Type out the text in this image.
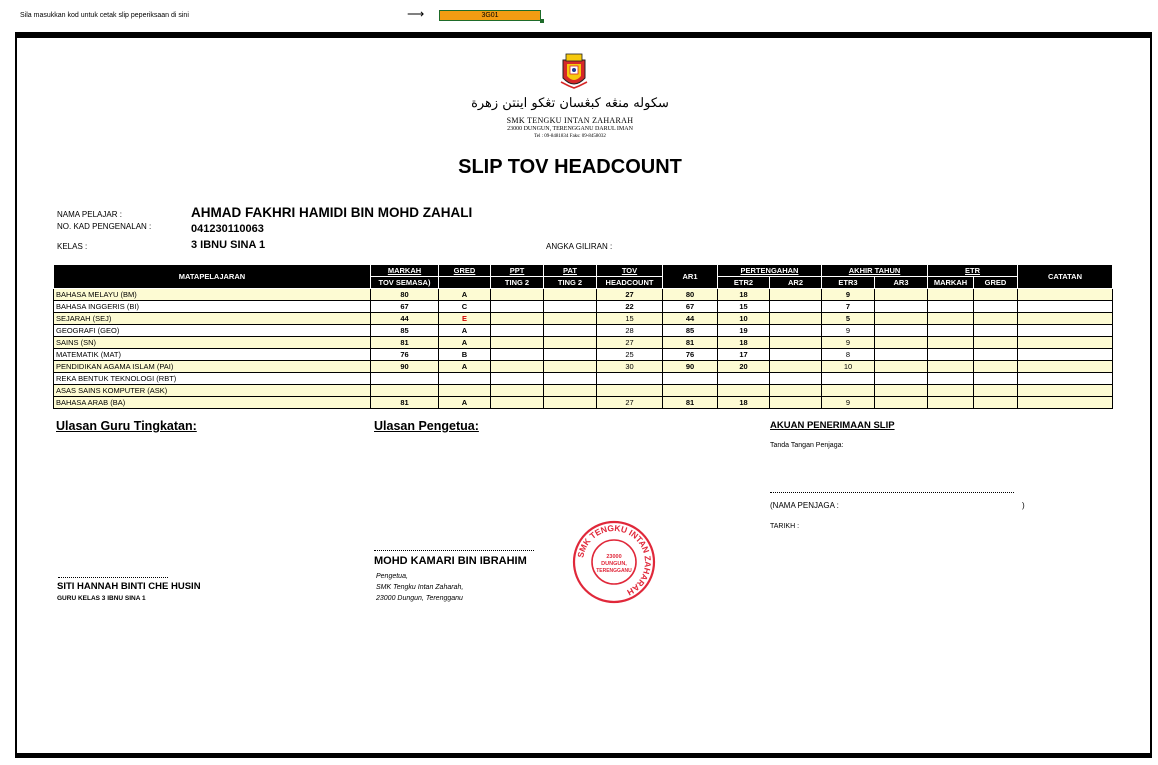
Sila masukkan kod untuk cetak slip peperiksaan di sini	⟶	3G01
سکوله منڠه کبڠسان تڠکو اينتن زهرة
SMK TENGKU INTAN ZAHARAH
23000 DUNGUN, TERENGGANU DARUL IMAN
Tel : 09-8481834 Faks: 09-8458032
SLIP TOV HEADCOUNT
NAMA PELAJAR :	AHMAD FAKHRI HAMIDI BIN MOHD ZAHALI
NO. KAD PENGENALAN :	041230110063
KELAS :	3 IBNU SINA 1	ANGKA GILIRAN :
MATAPELAJARAN	MARKAH	GRED	PPT	PAT	TOV	AR1	PERTENGAHAN		AKHIR TAHUN		ETR		CATATAN
	TOV SEMASA)		TING 2	TING 2	HEADCOUNT		ETR2	AR2	ETR3	AR3	MARKAH	GRED	
BAHASA MELAYU (BM)	80	A			27	80	18		9				
BAHASA INGGERIS (BI)	67	C			22	67	15		7				
SEJARAH (SEJ)	44	E			15	44	10		5				
GEOGRAFI (GEO)	85	A			28	85	19		9				
SAINS (SN)	81	A			27	81	18		9				
MATEMATIK (MAT)	76	B			25	76	17		8				
PENDIDIKAN AGAMA ISLAM (PAI)	90	A			30	90	20		10				
REKA BENTUK TEKNOLOGI (RBT)													
ASAS SAINS KOMPUTER (ASK)													
BAHASA ARAB (BA)	81	A			27	81	18		9				
Ulasan Guru Tingkatan:	Ulasan Pengetua:	AKUAN PENERIMAAN SLIP
Tanda Tangan Penjaga:
(NAMA PENJAGA :	)
TARIKH :
SITI HANNAH BINTI CHE HUSIN
GURU KELAS 3 IBNU SINA 1
MOHD KAMARI BIN IBRAHIM
Pengetua,
SMK Tengku Intan Zaharah,
23000 Dungun, Terengganu
SMK TENGKU INTAN ZAHARAH
23000
DUNGUN,
TERENGGANU
